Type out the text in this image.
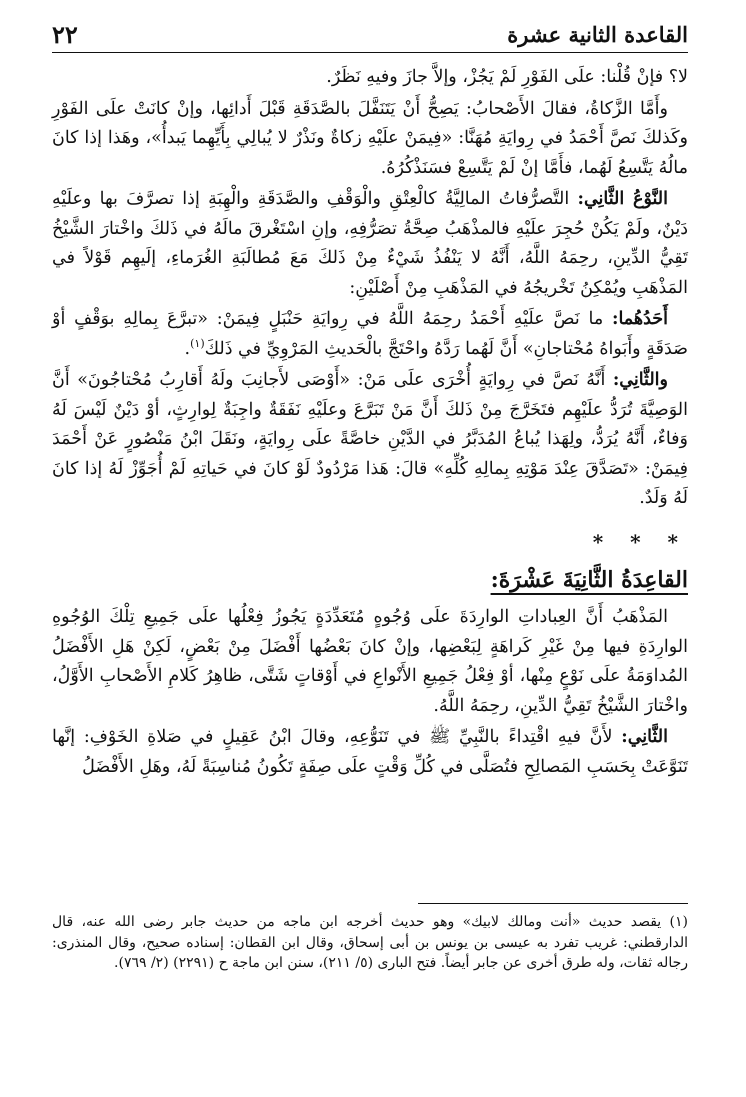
القاعدة الثانية عشرة
٢٢

لا؟ فإنْ قُلْنا: علَى الفَوْرِ لَمْ يَجُزْ، وإلاَّ جازَ وفيهِ نَظَرٌ.

وأَمَّا الزَّكاةُ، فقالَ الأَصْحابُ: يَصِحُّ أَنْ يَتَنَفَّلَ بالصَّدَقَةِ قَبْلَ أَدائِها، وإنْ كانَتْ علَى الفَوْرِ وكَذلكَ نَصَّ أَحْمَدُ في رِوايَةِ مُهَنَّا: «فِيمَنْ علَيْهِ زكاةٌ ونَذْرٌ لا يُبالِي بِأَيِّهِما يَبدأُ»، وهَذا إذا كانَ مالُهُ يَتَّسِعُ لَهُما، فأَمَّا إنْ لَمْ يَتَّسِعْ فسَنَذْكُرُهُ.

النَّوْعُ الثَّانِي: التَّصرُّفاتُ المالِيَّةُ كالْعِتْقِ والْوَقْفِ والصَّدَقَةِ والْهِبَةِ إذا تصرَّفَ بها وعلَيْهِ دَيْنٌ، ولَمْ يَكُنْ حُجِرَ علَيْهِ فالمذْهَبُ صِحَّةُ تصَرُّفِهِ، وإنِ اسْتَغْرقَ مالَهُ في ذَلكَ واخْتارَ الشَّيْخُ تَقِيُّ الدِّينِ، رحِمَهُ اللَّهُ، أَنَّهُ لا يَنْفُذُ شَيْءٌ مِنْ ذَلكَ مَعَ مُطالَبَةِ الغُرَماءِ، إلَيهِم قَوْلاً في المَذْهَبِ ويُمْكِنُ تَخْريجُهُ في المَذْهَبِ مِنْ أَصْلَيْنِ:

أَحَدُهُما: ما نَصَّ علَيْهِ أَحْمَدُ رحِمَهُ اللَّهُ في رِوايَةِ حَنْبَلٍ فِيمَنْ: «تبرَّعَ بِمالِهِ بوَقْفٍ أوْ صَدَقَةٍ وأَبَواهُ مُحْتاجانِ» أَنَّ لَهُما رَدَّهُ واحْتَجَّ بالْحَديثِ المَرْوِيِّ في ذَلكَ$^{(١)}$.

والثَّانِي: أَنَّهُ نَصَّ في رِوايَةٍ أُخْرَى علَى مَنْ: «أَوْصَى لأَجانِبَ ولَهُ أَقارِبُ مُحْتاجُونَ» أَنَّ الوَصِيَّةَ تُرَدُّ علَيْهِم فتَخَرَّجَ مِنْ ذَلكَ أَنَّ مَنْ تَبَرَّعَ وعلَيْهِ نَفَقَةٌ واجِبَةٌ لِوارِثٍ، أوْ دَيْنٌ لَيْسَ لَهُ وَفاءٌ، أَنَّهُ يُرَدُّ، ولِهَذا يُباعُ المُدَبَّرُ في الدَّيْنِ خاصَّةً علَى رِوايَةٍ، ونَقَلَ ابْنُ مَنْصُورٍ عَنْ أَحْمَدَ فِيمَنْ: «تَصَدَّقَ عِنْدَ مَوْتِهِ بِمالِهِ كُلِّهِ» قالَ: هَذا مَرْدُودٌ لَوْ كانَ في حَياتِهِ لَمْ أُجَوِّزْ لَهُ إذا كانَ لَهُ وَلَدٌ.

* * *
القاعِدَةُ الثَّانِيَةَ عَشْرَةَ:

المَذْهَبُ أَنَّ العِباداتِ الوارِدَةَ علَى وُجُوهٍ مُتَعَدِّدَةٍ يَجُوزُ فِعْلُها علَى جَمِيعِ تِلْكَ الوُجُوهِ الوارِدَةِ فيها مِنْ غَيْرِ كَراهَةٍ لِبَعْضِها، وإنْ كانَ بَعْضُها أَفْضَلَ مِنْ بَعْضٍ، لَكِنْ هَلِ الأَفْضَلُ المُداوَمَةُ علَى نَوْعٍ مِنْها، أوْ فِعْلُ جَمِيعِ الأَنْواعِ في أَوْقاتٍ شَتَّى، ظاهِرُ كَلامِ الأَصْحابِ الأَوَّلُ، واخْتارَ الشَّيْخُ تَقِيُّ الدِّينِ، رحِمَهُ اللَّهُ.

الثَّانِي: لأَنَّ فيهِ اقْتِداءً بالنَّبِيِّ ﷺ في تَنَوُّعِهِ، وقالَ ابْنُ عَقِيلٍ في صَلاةِ الخَوْفِ: إنَّها تَنَوَّعَتْ بِحَسَبِ المَصالِحِ فتُصَلَّى في كُلِّ وَقْتٍ علَى صِفَةٍ تَكُونُ مُناسِبَةً لَهُ، وهَلِ الأَفْضَلُ

(١) يقصد حديث «أنت ومالك لابيك» وهو حديث أخرجه ابن ماجه من حديث جابر رضى الله عنه، قال الدارقطني: غريب تفرد به عيسى بن يونس بن أبى إسحاق، وقال ابن القطان: إسناده صحيح، وقال المنذرى: رجاله ثقات، وله طرق أخرى عن جابر أيضاً. فتح البارى (٥/ ٢١١)، سنن ابن ماجة ح (٢٢٩١) (٢/ ٧٦٩).
